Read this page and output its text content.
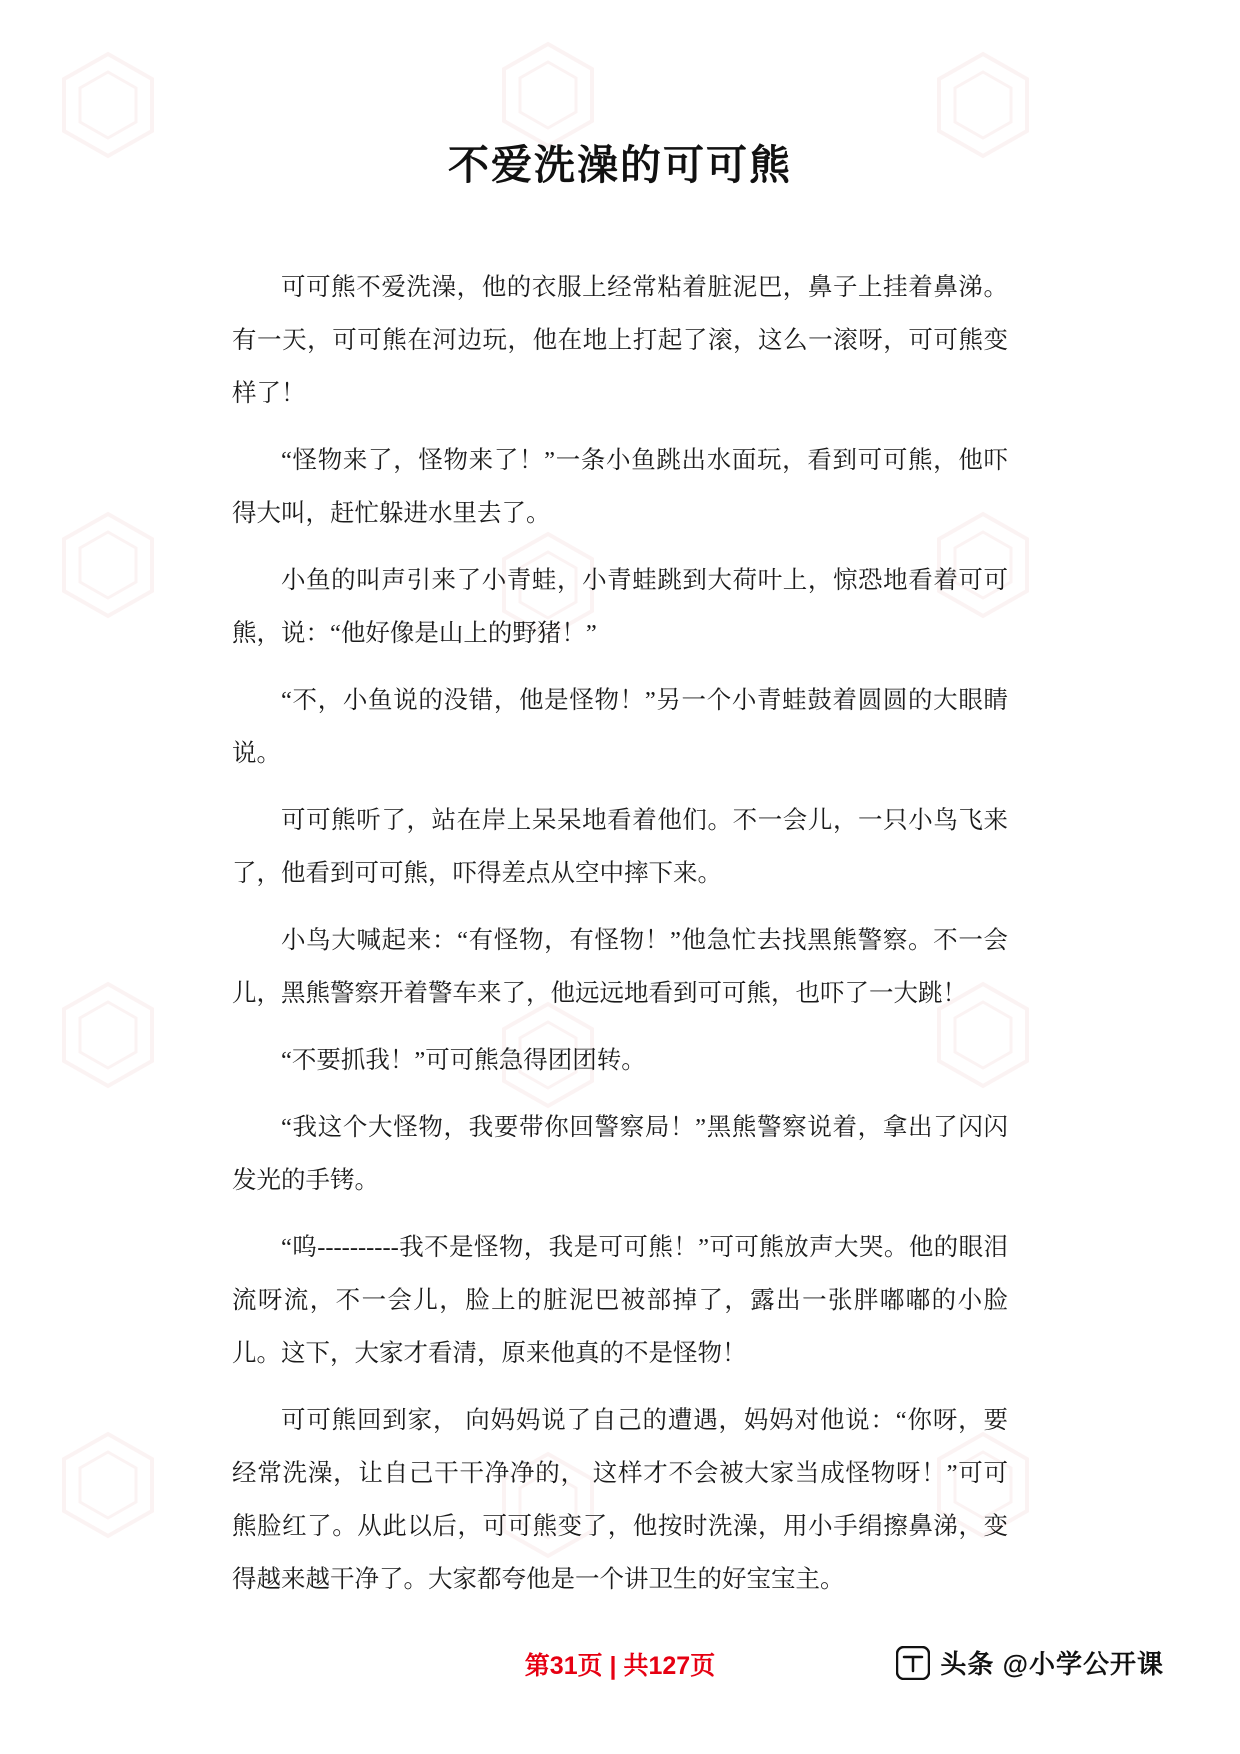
不爱洗澡的可可熊

可可熊不爱洗澡，他的衣服上经常粘着脏泥巴，鼻子上挂着鼻涕。有一天，可可熊在河边玩，他在地上打起了滚，这么一滚呀，可可熊变样了！

“怪物来了，怪物来了！”一条小鱼跳出水面玩，看到可可熊，他吓得大叫，赶忙躲进水里去了。

小鱼的叫声引来了小青蛙，小青蛙跳到大荷叶上，惊恐地看着可可熊，说：“他好像是山上的野猪！”

“不，小鱼说的没错，他是怪物！”另一个小青蛙鼓着圆圆的大眼睛说。

可可熊听了，站在岸上呆呆地看着他们。不一会儿，一只小鸟飞来了，他看到可可熊，吓得差点从空中摔下来。

小鸟大喊起来：“有怪物，有怪物！”他急忙去找黑熊警察。不一会儿，黑熊警察开着警车来了，他远远地看到可可熊，也吓了一大跳！

“不要抓我！”可可熊急得团团转。

“我这个大怪物，我要带你回警察局！”黑熊警察说着，拿出了闪闪发光的手铐。

“呜----------我不是怪物，我是可可熊！”可可熊放声大哭。他的眼泪流呀流，不一会儿，脸上的脏泥巴被部掉了，露出一张胖嘟嘟的小脸儿。这下，大家才看清，原来他真的不是怪物！

可可熊回到家， 向妈妈说了自己的遭遇，妈妈对他说：“你呀，要经常洗澡，让自己干干净净的， 这样才不会被大家当成怪物呀！”可可熊脸红了。从此以后，可可熊变了，他按时洗澡，用小手绢擦鼻涕，变得越来越干净了。大家都夸他是一个讲卫生的好宝宝主。

第31页 | 共127页	头条 @小学公开课
